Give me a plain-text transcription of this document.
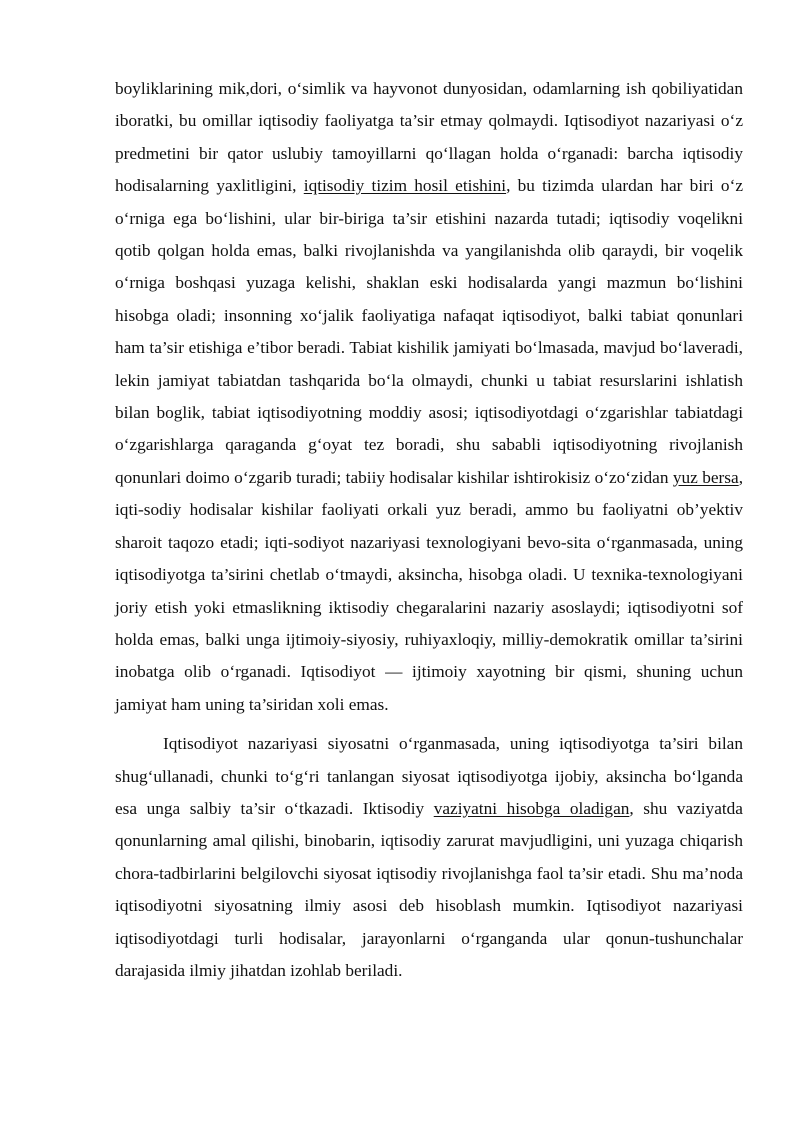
boyliklarining mik,dori, o‘simlik va hayvonot dunyosidan, odamlarning ish qobiliyatidan iboratki, bu omillar iqtisodiy faoliyatga ta’sir etmay qolmaydi. Iqtisodiyot nazariyasi o‘z predmetini bir qator uslubiy tamoyillarni qo‘llagan holda o‘rganadi: barcha iqtisodiy hodisalarning yaxlitligini, iqtisodiy tizim hosil etishini, bu tizimda ulardan har biri o‘z o‘rniga ega bo‘lishini, ular bir-biriga ta’sir etishini nazarda tutadi; iqtisodiy voqelikni qotib qolgan holda emas, balki rivojlanishda va yangilanishda olib qaraydi, bir voqelik o‘rniga boshqasi yuzaga kelishi, shaklan eski hodisalarda yangi mazmun bo‘lishini hisobga oladi; insonning xo‘jalik faoliyatiga nafaqat iqtisodiyot, balki tabiat qonunlari ham ta’sir etishiga e’tibor beradi. Tabiat kishilik jamiyati bo‘lmasada, mavjud bo‘laveradi, lekin jamiyat tabiatdan tashqarida bo‘la olmaydi, chunki u tabiat resurslarini ishlatish bilan boglik, tabiat iqtisodiyotning moddiy asosi; iqtisodiyotdagi o‘zgarishlar tabiatdagi o‘zgarishlarga qaraganda g‘oyat tez boradi, shu sababli iqtisodiyotning rivojlanish qonunlari doimo o‘zgarib turadi; tabiiy hodisalar kishilar ishtirokisiz o‘zo‘zidan yuz bersa, iqti-sodiy hodisalar kishilar faoliyati orkali yuz beradi, ammo bu faoliyatni ob’yektiv sharoit taqozo etadi; iqti-sodiyot nazariyasi texnologiyani bevo-sita o‘rganmasada, uning iqtisodiyotga ta’sirini chetlab o‘tmaydi, aksincha, hisobga oladi. U texnika-texnologiyani joriy etish yoki etmaslikning iktisodiy chegaralarini nazariy asoslaydi; iqtisodiyotni sof holda emas, balki unga ijtimoiy-siyosiy, ruhiyaxloqiy, milliy-demokratik omillar ta’sirini inobatga olib o‘rganadi. Iqtisodiyot — ijtimoiy xayotning bir qismi, shuning uchun jamiyat ham uning ta’siridan xoli emas.

Iqtisodiyot nazariyasi siyosatni o‘rganmasada, uning iqtisodiyotga ta’siri bilan shug‘ullanadi, chunki to‘g‘ri tanlangan siyosat iqtisodiyotga ijobiy, aksincha bo‘lganda esa unga salbiy ta’sir o‘tkazadi. Iktisodiy vaziyatni hisobga oladigan, shu vaziyatda qonunlarning amal qilishi, binobarin, iqtisodiy zarurat mavjudligini, uni yuzaga chiqarish chora-tadbirlarini belgilovchi siyosat iqtisodiy rivojlanishga faol ta’sir etadi. Shu ma’noda iqtisodiyotni siyosatning ilmiy asosi deb hisoblash mumkin. Iqtisodiyot nazariyasi iqtisodiyotdagi turli hodisalar, jarayonlarni o‘rganganda ular qonun-tushunchalar darajasida ilmiy jihatdan izohlab beriladi.
